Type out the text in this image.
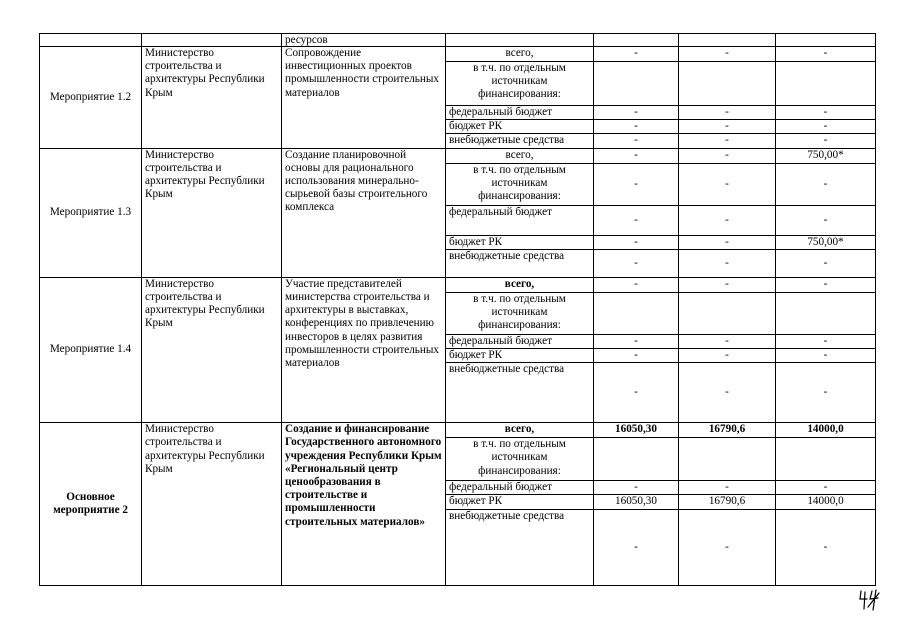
		ресурсов				
Мероприятие 1.2	Министерство строительства и архитектуры Республики Крым	Сопровождение инвестиционных проектов промышленности строительных материалов	всего,	-	-	-
			в т.ч. по отдельным источникам финансирования:			
			федеральный бюджет	-	-	-
			бюджет РК	-	-	-
			внебюджетные средства	-	-	-
Мероприятие 1.3	Министерство строительства и архитектуры Республики Крым	Создание планировочной основы для рационального использования минерально-сырьевой базы строительного комплекса	всего,	-	-	750,00*
			в т.ч. по отдельным источникам финансирования:	-	-	-
			федеральный бюджет	-	-	-
			бюджет РК	-	-	750,00*
			внебюджетные средства	-	-	-
Мероприятие 1.4	Министерство строительства и архитектуры Республики Крым	Участие представителей министерства строительства и архитектуры в выставках, конференциях по привлечению инвесторов в целях развития промышленности строительных материалов	всего,	-	-	-
			в т.ч. по отдельным источникам финансирования:			
			федеральный бюджет	-	-	-
			бюджет РК	-	-	-
			внебюджетные средства	-	-	-
Основное мероприятие 2	Министерство строительства и архитектуры Республики Крым	Создание и финансирование Государственного автономного учреждения Республики Крым «Региональный центр ценообразования в строительстве и промышленности строительных материалов»	всего,	16050,30	16790,6	14000,0
			в т.ч. по отдельным источникам финансирования:			
			федеральный бюджет	-	-	-
			бюджет РК	16050,30	16790,6	14000,0
			внебюджетные средства	-	-	-
